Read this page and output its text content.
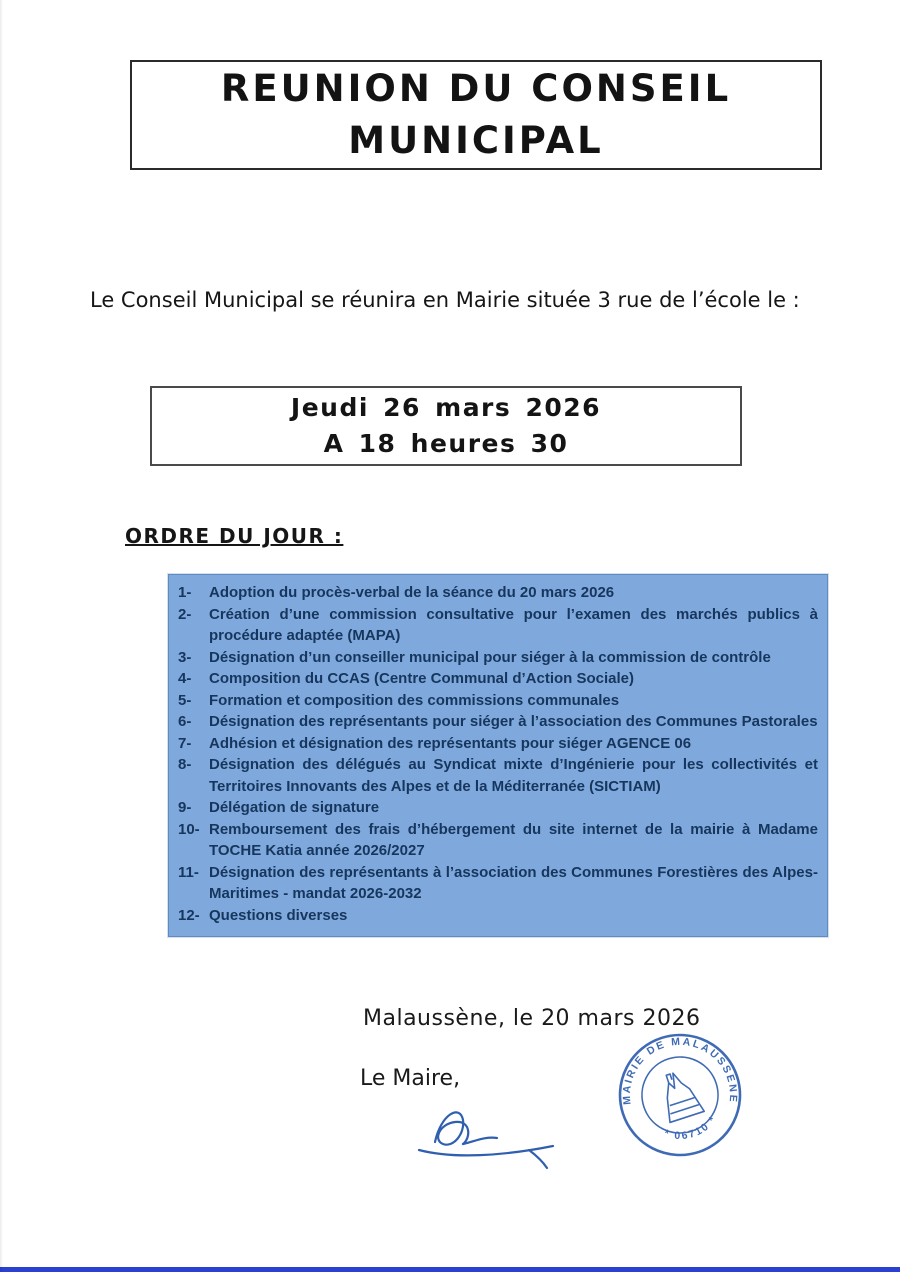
REUNION DU CONSEIL
MUNICIPAL
Le Conseil Municipal se réunira en Mairie située 3 rue de l’école le :
Jeudi 26 mars 2026
A 18 heures 30
ORDRE DU JOUR :
1-	Adoption du procès-verbal de la séance du 20 mars 2026
2-	Création d’une commission consultative pour l’examen des marchés publics à procédure adaptée (MAPA)
3-	Désignation d’un conseiller municipal pour siéger à la commission de contrôle
4-	Composition du CCAS (Centre Communal d’Action Sociale)
5-	Formation et composition des commissions communales
6-	Désignation des représentants pour siéger à l’association des Communes Pastorales
7-	Adhésion et désignation des représentants pour siéger AGENCE 06
8-	Désignation des délégués au Syndicat mixte d’Ingénierie pour les collectivités et Territoires Innovants des Alpes et de la Méditerranée (SICTIAM)
9-	Délégation de signature
10- Remboursement des frais d’hébergement du site internet de la mairie à Madame TOCHE Katia année 2026/2027
11- Désignation des représentants à l’association des Communes Forestières des Alpes-Maritimes - mandat 2026-2032
12- Questions diverses
Malaussène, le 20 mars 2026
Le Maire,
MAIRIE DE MALAUSSENE
* 06710 *
